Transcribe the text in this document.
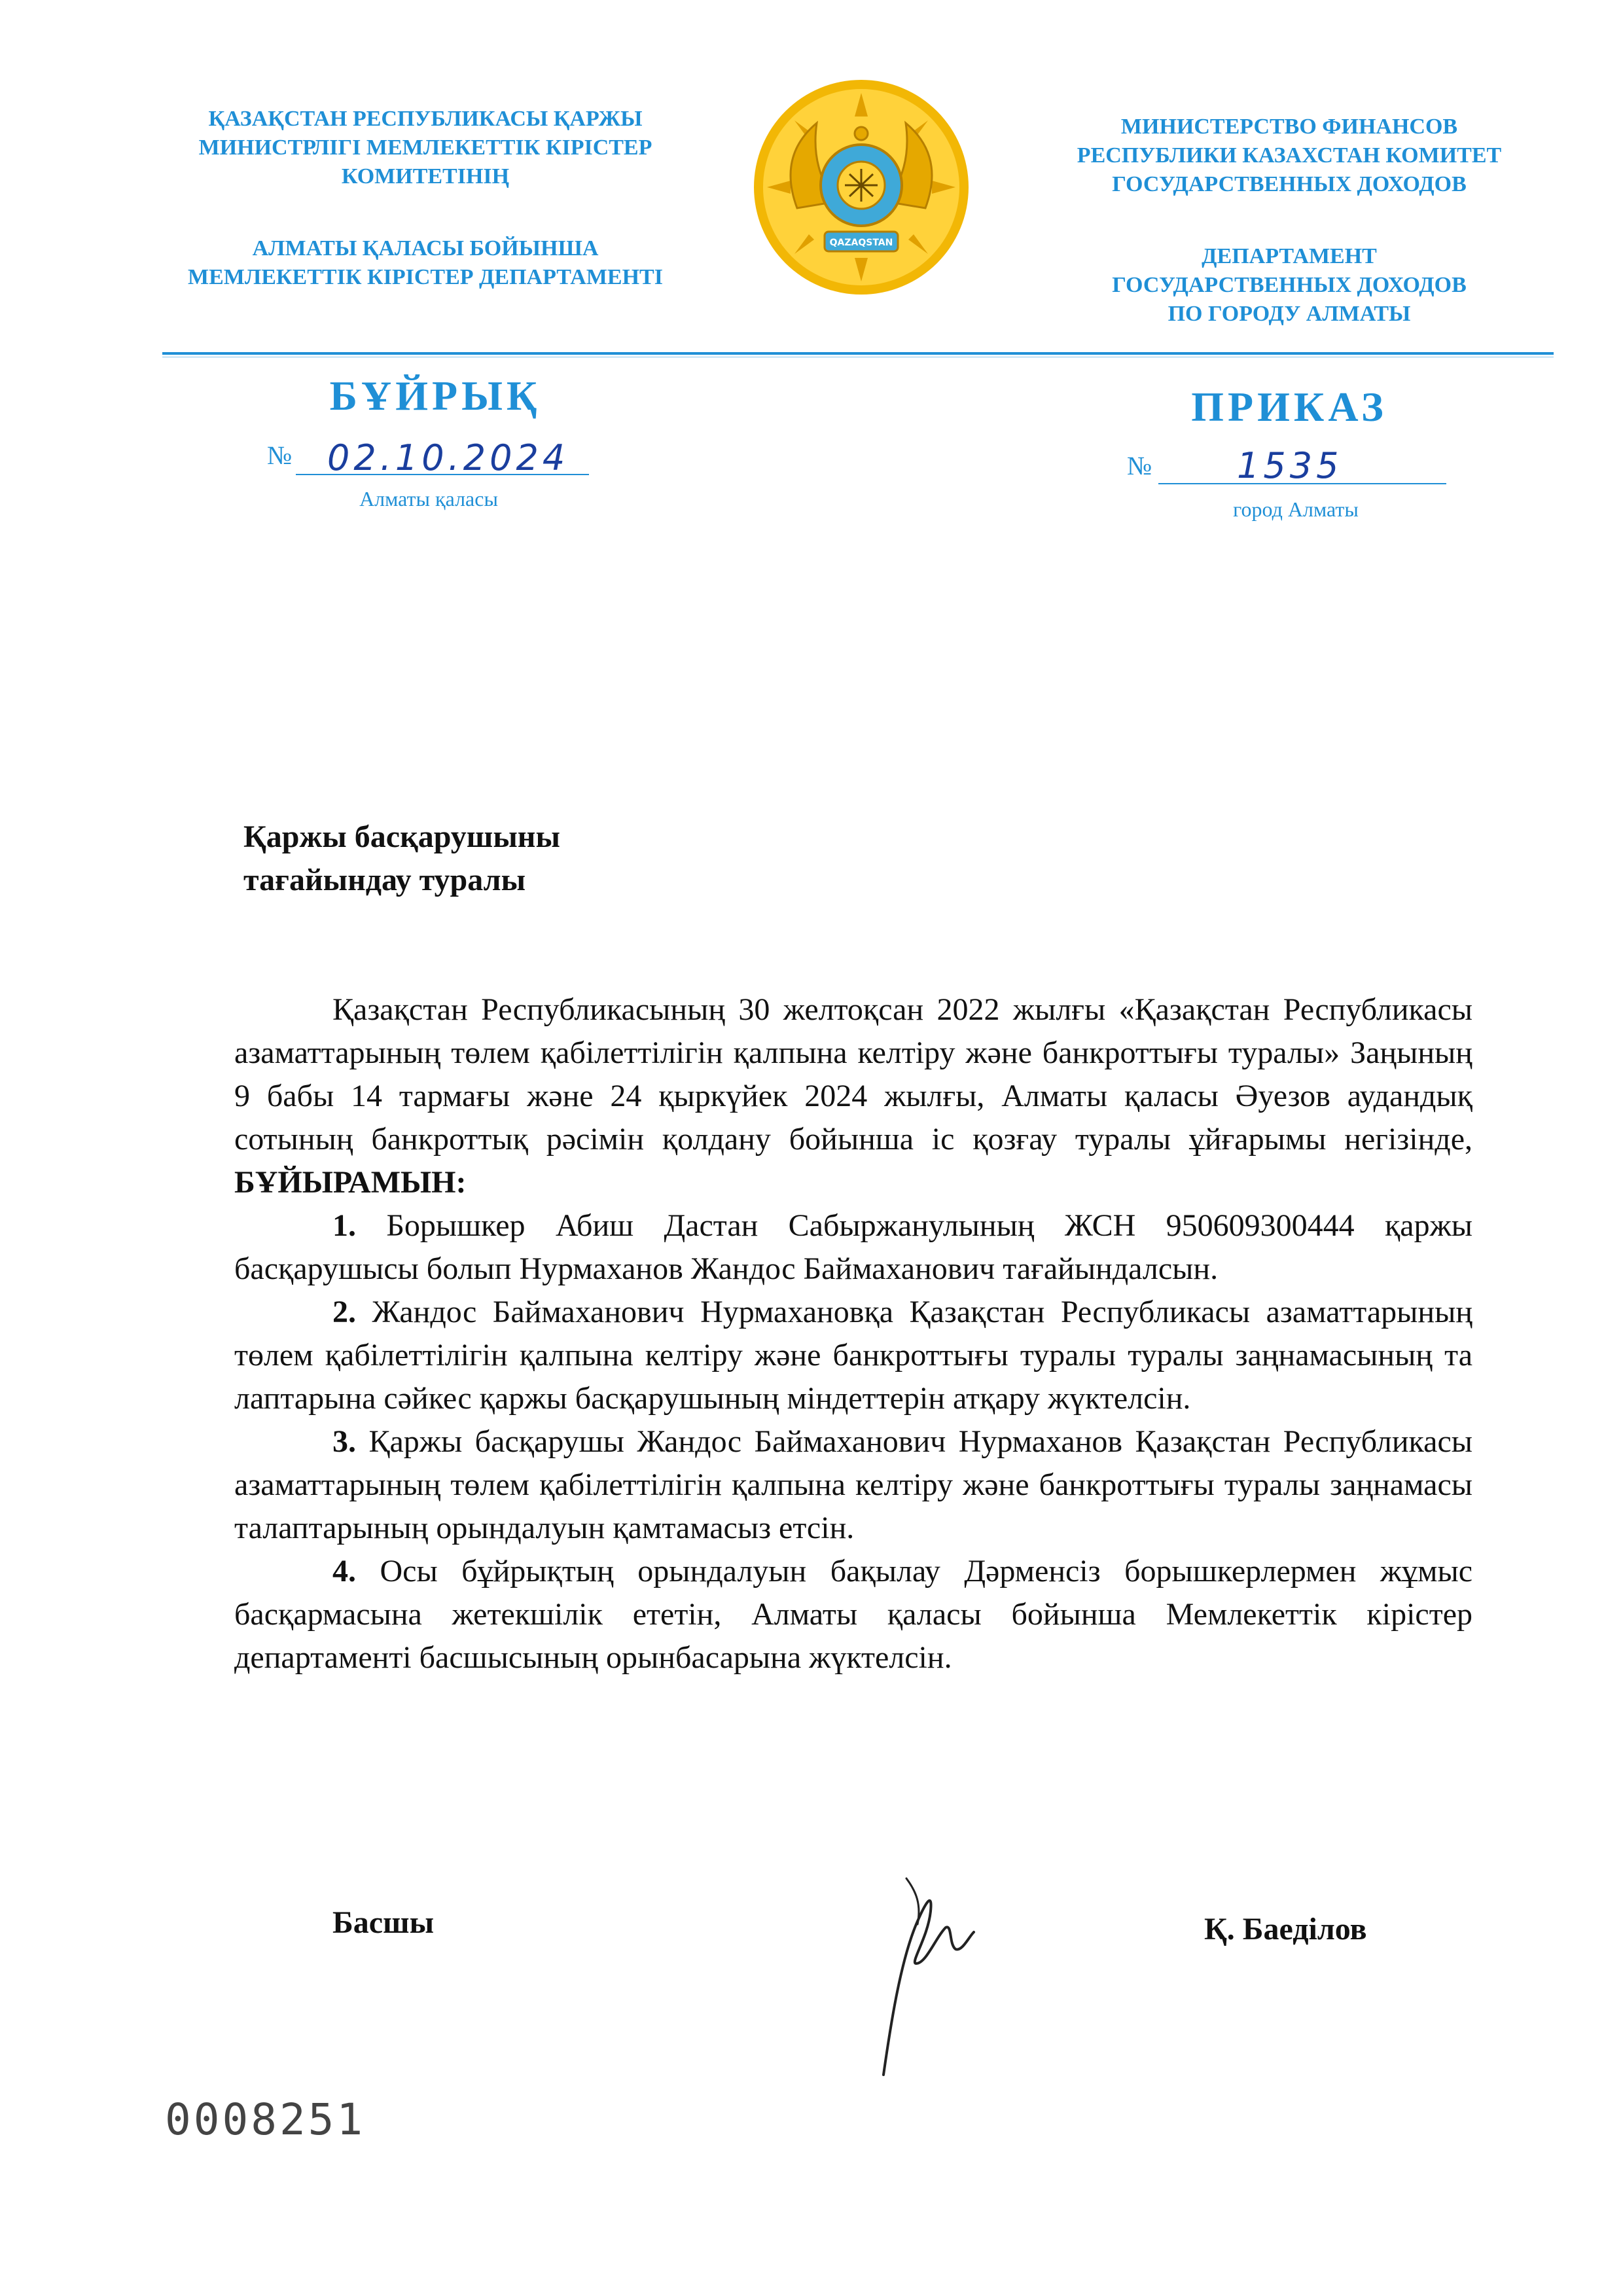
ҚАЗАҚСТАН РЕСПУБЛИКАСЫ ҚАРЖЫ

МИНИСТРЛІГІ МЕМЛЕКЕТТІК КІРІСТЕР

КОМИТЕТІНІҢ

АЛМАТЫ ҚАЛАСЫ БОЙЫНША

МЕМЛЕКЕТТІК КІРІСТЕР ДЕПАРТАМЕНТІ

QAZAQSTAN

МИНИСТЕРСТВО ФИНАНСОВ

РЕСПУБЛИКИ КАЗАХСТАН КОМИТЕТ

ГОСУДАРСТВЕННЫХ ДОХОДОВ

ДЕПАРТАМЕНТ

ГОСУДАРСТВЕННЫХ ДОХОДОВ

ПО ГОРОДУ АЛМАТЫ

БҰЙРЫҚ	ПРИКАЗ
№ 02.10.2024
Алматы қаласы
№ 1535
город Алматы

Қаржы басқарушыны

тағайындау туралы

Қазақстан Республикасының 30 желтоқсан 2022 жылғы «Қазақстан Республикасы азаматтарының төлем қабілеттілігін қалпына келтіру және банкроттығы туралы» Заңының 9 бабы 14 тармағы және 24 қыркүйек 2024 жылғы, Алматы қаласы Әуезов аудандық сотының банкроттық рәсімін қолдану бойынша іс қозғау туралы ұйғарымы негізінде, БҰЙЫРАМЫН:

1. Борышкер Абиш Дастан Сабыржанулының ЖСН 950609300444 қаржы басқарушысы болып Нурмаханов Жандос Баймаханович тағайындалсын.

2. Жандос Баймаханович Нурмахановқа Қазақстан Республикасы азаматтарының төлем қабілеттілігін қалпына келтіру және банкроттығы туралы туралы заңнамасының та лаптарына сәйкес қаржы басқарушының міндеттерін атқару жүктелсін.

3. Қаржы басқарушы Жандос Баймаханович Нурмаханов Қазақстан Республикасы азаматтарының төлем қабілеттілігін қалпына келтіру және банкроттығы туралы заңнамасы талаптарының орындалуын қамтамасыз етсін.

4. Осы бұйрықтың орындалуын бақылау Дәрменсіз борышкерлермен жұмыс басқармасына жетекшілік ететін, Алматы қаласы бойынша Мемлекеттік кірістер департаменті басшысының орынбасарына жүктелсін.

Басшы	Қ. Баеділов
0008251
